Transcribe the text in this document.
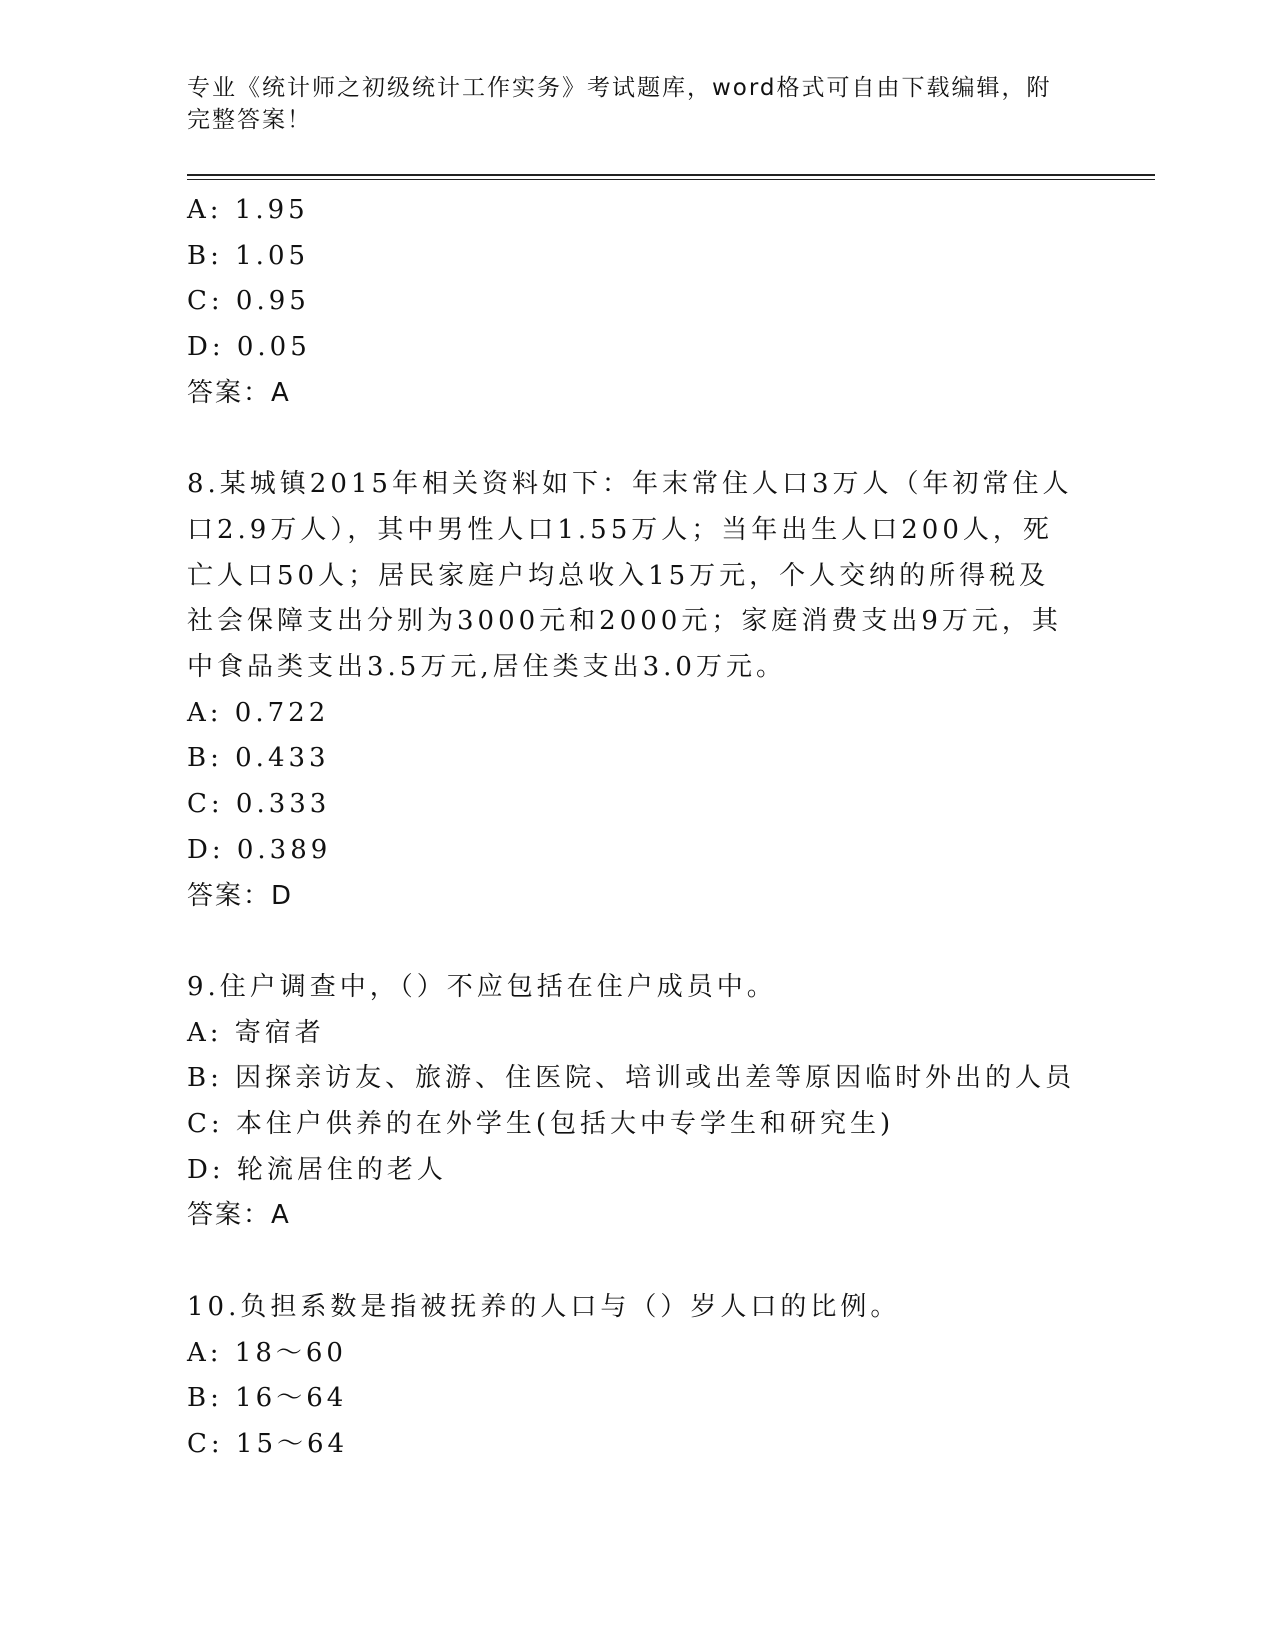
专业《统计师之初级统计工作实务》考试题库，word格式可自由下载编辑，附完整答案！
A: 1.95
B: 1.05
C: 0.95
D: 0.05
答案：A
8.某城镇2015年相关资料如下：年末常住人口3万人（年初常住人口2.9万人），其中男性人口1.55万人；当年出生人口200人，死亡人口50人；居民家庭户均总收入15万元，个人交纳的所得税及社会保障支出分别为3000元和2000元；家庭消费支出9万元，其中食品类支出3.5万元,居住类支出3.0万元。
A: 0.722
B: 0.433
C: 0.333
D: 0.389
答案：D
9.住户调查中，（）不应包括在住户成员中。
A: 寄宿者
B: 因探亲访友、旅游、住医院、培训或出差等原因临时外出的人员
C: 本住户供养的在外学生(包括大中专学生和研究生)
D: 轮流居住的老人
答案：A
10.负担系数是指被抚养的人口与（）岁人口的比例。
A: 18～60
B: 16～64
C: 15～64
